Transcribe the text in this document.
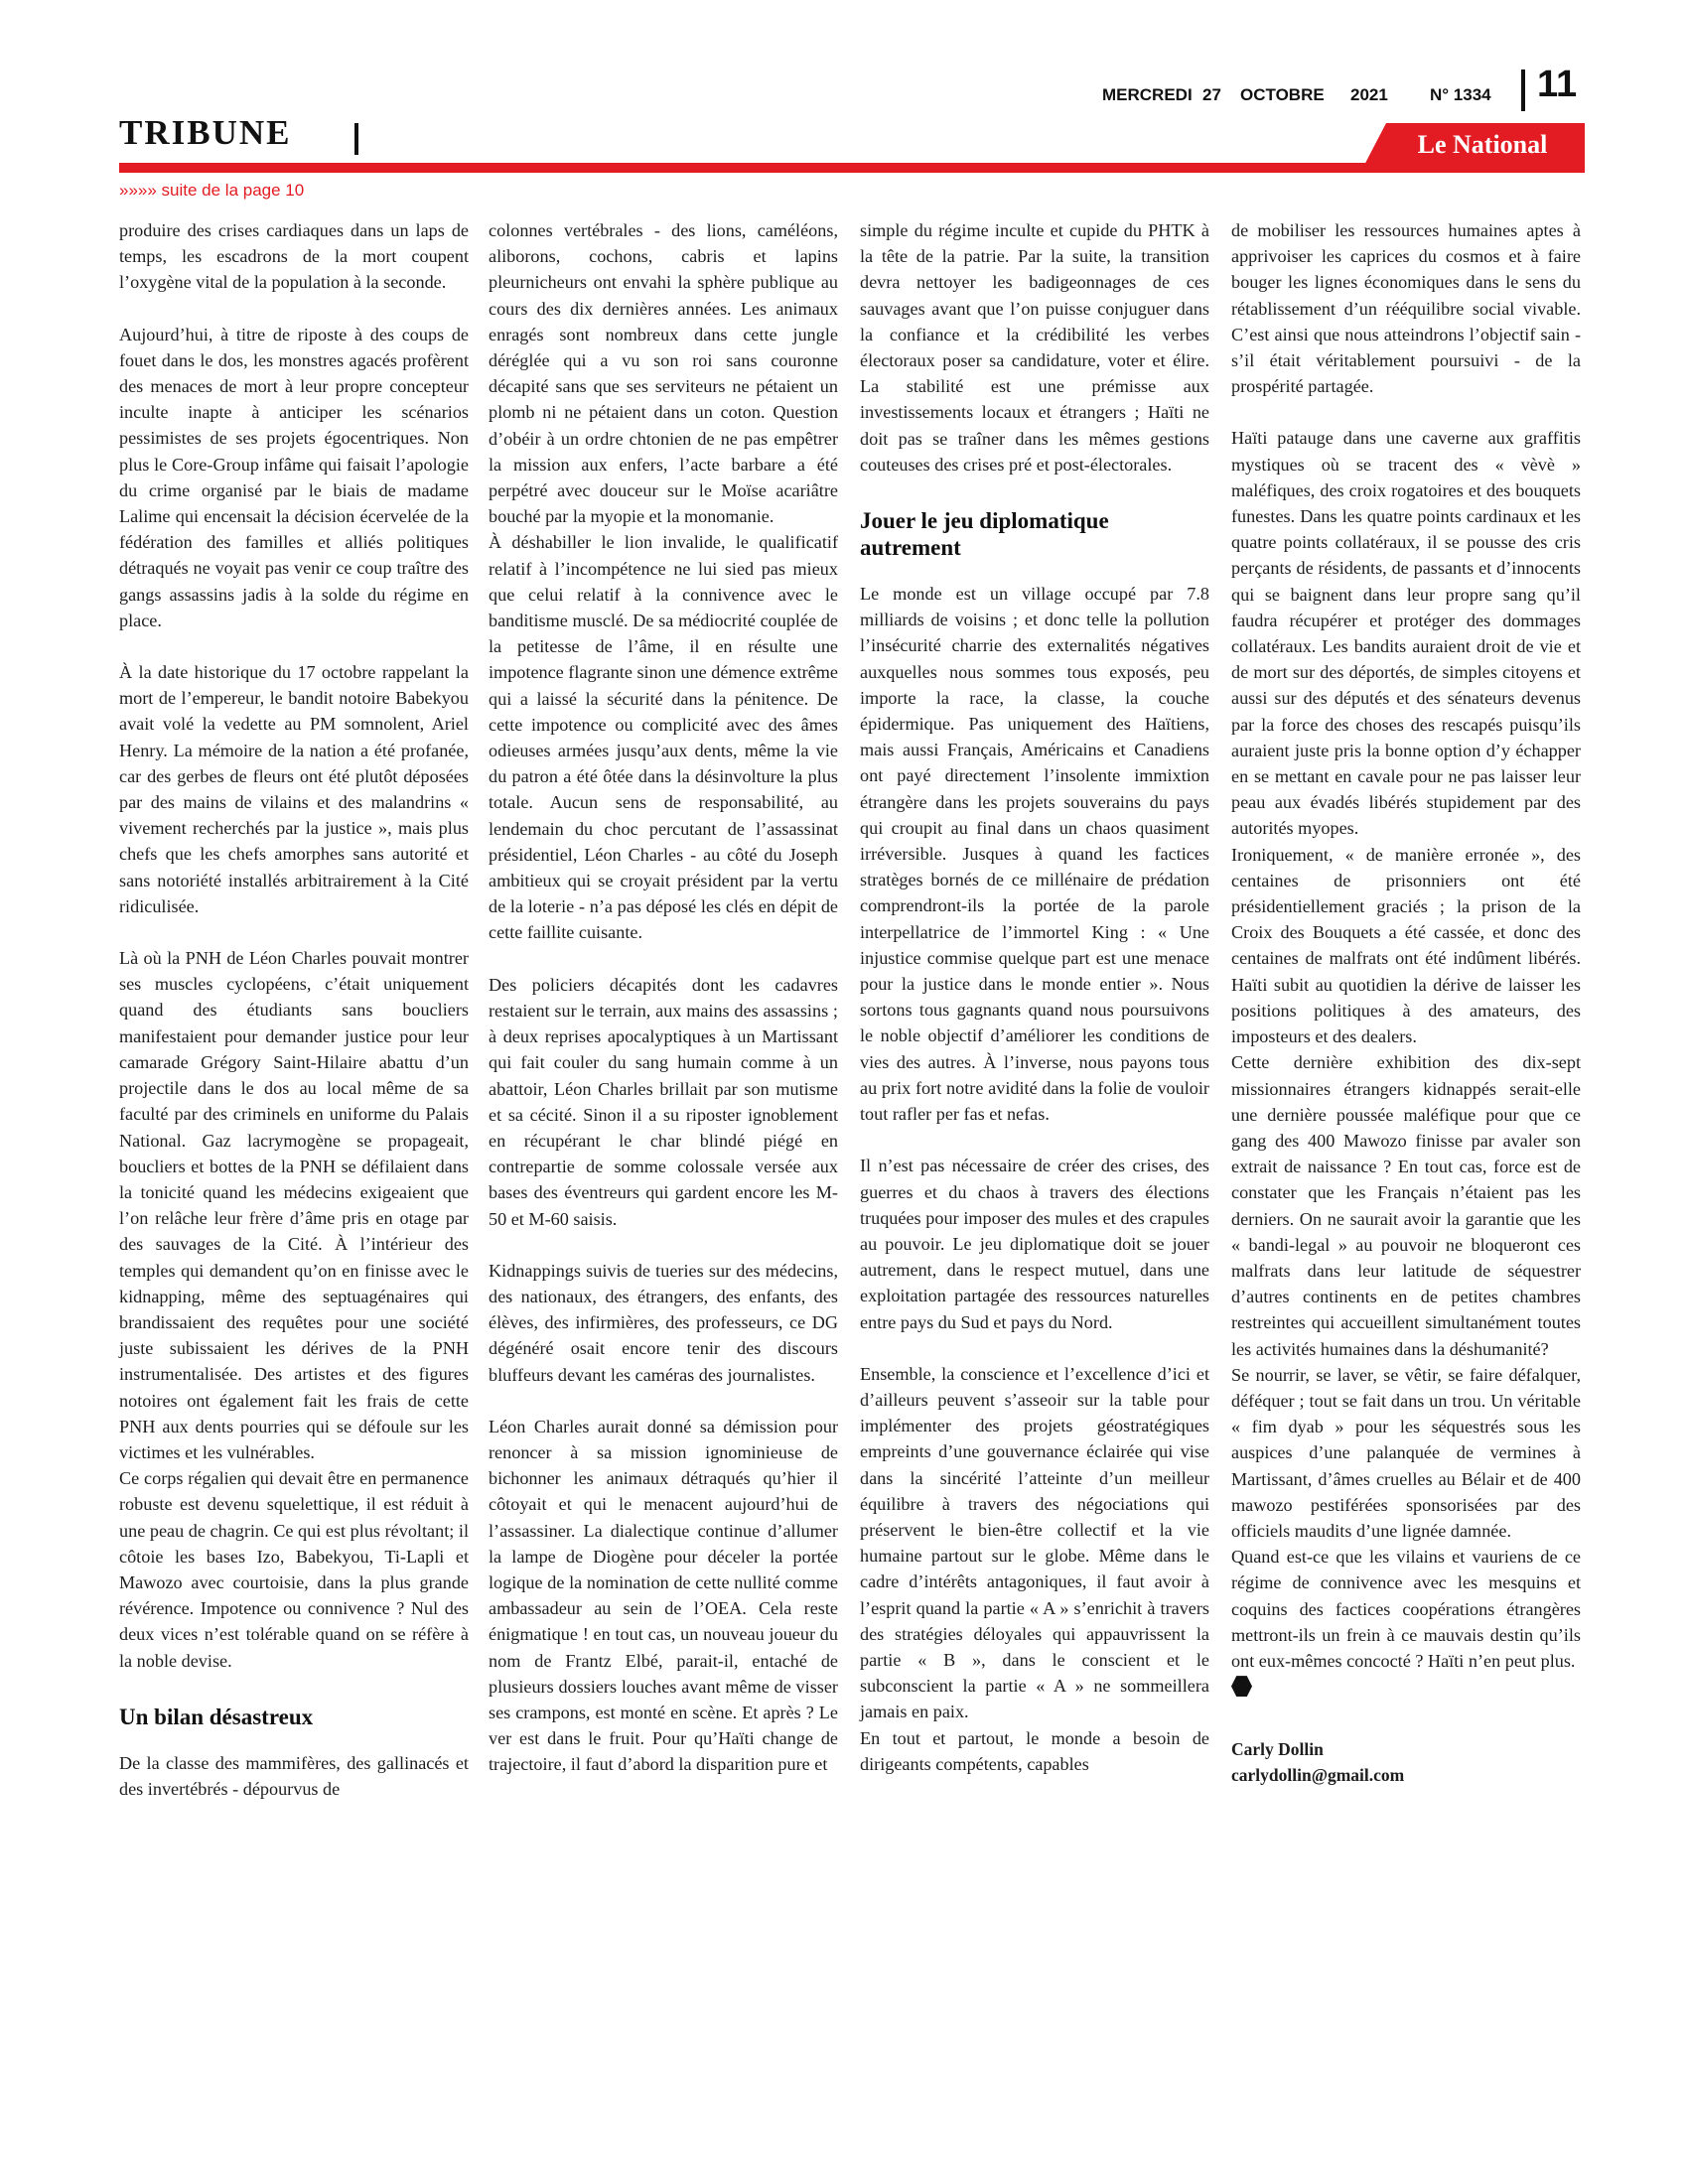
MERCREDI 27 OCTOBRE 2021 N° 1334 11
TRIBUNE	Le National
»»»» suite de la page 10

produire des crises cardiaques dans un laps de temps, les escadrons de la mort coupent l’oxygène vital de la population à la seconde.

Aujourd’hui, à titre de riposte à des coups de fouet dans le dos, les monstres agacés profèrent des menaces de mort à leur propre concepteur inculte inapte à anticiper les scénarios pessimistes de ses projets égocentriques. Non plus le Core-Group infâme qui faisait l’apologie du crime organisé par le biais de madame Lalime qui encensait la décision écervelée de la fédération des familles et alliés politiques détraqués ne voyait pas venir ce coup traître des gangs assassins jadis à la solde du régime en place.

À la date historique du 17 octobre rappelant la mort de l’empereur, le bandit notoire Babekyou avait volé la vedette au PM somnolent, Ariel Henry. La mémoire de la nation a été profanée, car des gerbes de fleurs ont été plutôt déposées par des mains de vilains et des malandrins « vivement recherchés par la justice », mais plus chefs que les chefs amorphes sans autorité et sans notoriété installés arbitrairement à la Cité ridiculisée.

Là où la PNH de Léon Charles pouvait montrer ses muscles cyclopéens, c’était uniquement quand des étudiants sans boucliers manifestaient pour demander justice pour leur camarade Grégory Saint-Hilaire abattu d’un projectile dans le dos au local même de sa faculté par des criminels en uniforme du Palais National. Gaz lacrymogène se propageait, boucliers et bottes de la PNH se défilaient dans la tonicité quand les médecins exigeaient que l’on relâche leur frère d’âme pris en otage par des sauvages de la Cité. À l’intérieur des temples qui demandent qu’on en finisse avec le kidnapping, même des septuagénaires qui brandissaient des requêtes pour une société juste subissaient les dérives de la PNH instrumentalisée. Des artistes et des figures notoires ont également fait les frais de cette PNH aux dents pourries qui se défoule sur les victimes et les vulnérables.

Ce corps régalien qui devait être en permanence robuste est devenu squelettique, il est réduit à une peau de chagrin. Ce qui est plus révoltant; il côtoie les bases Izo, Babekyou, Ti-Lapli et Mawozo avec courtoisie, dans la plus grande révérence. Impotence ou connivence ? Nul des deux vices n’est tolérable quand on se réfère à la noble devise.

Un bilan désastreux

De la classe des mammifères, des gallinacés et des invertébrés - dépourvus de

colonnes vertébrales - des lions, caméléons, aliborons, cochons, cabris et lapins pleurnicheurs ont envahi la sphère publique au cours des dix dernières années. Les animaux enragés sont nombreux dans cette jungle déréglée qui a vu son roi sans couronne décapité sans que ses serviteurs ne pétaient un plomb ni ne pétaient dans un coton. Question d’obéir à un ordre chtonien de ne pas empêtrer la mission aux enfers, l’acte barbare a été perpétré avec douceur sur le Moïse acariâtre bouché par la myopie et la monomanie.

À déshabiller le lion invalide, le qualificatif relatif à l’incompétence ne lui sied pas mieux que celui relatif à la connivence avec le banditisme musclé. De sa médiocrité couplée de la petitesse de l’âme, il en résulte une impotence flagrante sinon une démence extrême qui a laissé la sécurité dans la pénitence. De cette impotence ou complicité avec des âmes odieuses armées jusqu’aux dents, même la vie du patron a été ôtée dans la désinvolture la plus totale. Aucun sens de responsabilité, au lendemain du choc percutant de l’assassinat présidentiel, Léon Charles - au côté du Joseph ambitieux qui se croyait président par la vertu de la loterie - n’a pas déposé les clés en dépit de cette faillite cuisante.

Des policiers décapités dont les cadavres restaient sur le terrain, aux mains des assassins ; à deux reprises apocalyptiques à un Martissant qui fait couler du sang humain comme à un abattoir, Léon Charles brillait par son mutisme et sa cécité. Sinon il a su riposter ignoblement en récupérant le char blindé piégé en contrepartie de somme colossale versée aux bases des éventreurs qui gardent encore les M-50 et M-60 saisis.

Kidnappings suivis de tueries sur des médecins, des nationaux, des étrangers, des enfants, des élèves, des infirmières, des professeurs, ce DG dégénéré osait encore tenir des discours bluffeurs devant les caméras des journalistes.

Léon Charles aurait donné sa démission pour renoncer à sa mission ignominieuse de bichonner les animaux détraqués qu’hier il côtoyait et qui le menacent aujourd’hui de l’assassiner. La dialectique continue d’allumer la lampe de Diogène pour déceler la portée logique de la nomination de cette nullité comme ambassadeur au sein de l’OEA. Cela reste énigmatique ! en tout cas, un nouveau joueur du nom de Frantz Elbé, parait-il, entaché de plusieurs dossiers louches avant même de visser ses crampons, est monté en scène. Et après ? Le ver est dans le fruit. Pour qu’Haïti change de trajectoire, il faut d’abord la disparition pure et

simple du régime inculte et cupide du PHTK à la tête de la patrie. Par la suite, la transition devra nettoyer les badigeonnages de ces sauvages avant que l’on puisse conjuguer dans la confiance et la crédibilité les verbes électoraux poser sa candidature, voter et élire. La stabilité est une prémisse aux investissements locaux et étrangers ; Haïti ne doit pas se traîner dans les mêmes gestions couteuses des crises pré et post-électorales.

Jouer le jeu diplomatique autrement

Le monde est un village occupé par 7.8 milliards de voisins ; et donc telle la pollution l’insécurité charrie des externalités négatives auxquelles nous sommes tous exposés, peu importe la race, la classe, la couche épidermique. Pas uniquement des Haïtiens, mais aussi Français, Américains et Canadiens ont payé directement l’insolente immixtion étrangère dans les projets souverains du pays qui croupit au final dans un chaos quasiment irréversible. Jusques à quand les factices stratèges bornés de ce millénaire de prédation comprendront-ils la portée de la parole interpellatrice de l’immortel King : « Une injustice commise quelque part est une menace pour la justice dans le monde entier ». Nous sortons tous gagnants quand nous poursuivons le noble objectif d’améliorer les conditions de vies des autres. À l’inverse, nous payons tous au prix fort notre avidité dans la folie de vouloir tout rafler per fas et nefas.

Il n’est pas nécessaire de créer des crises, des guerres et du chaos à travers des élections truquées pour imposer des mules et des crapules au pouvoir. Le jeu diplomatique doit se jouer autrement, dans le respect mutuel, dans une exploitation partagée des ressources naturelles entre pays du Sud et pays du Nord.

Ensemble, la conscience et l’excellence d’ici et d’ailleurs peuvent s’asseoir sur la table pour implémenter des projets géostratégiques empreints d’une gouvernance éclairée qui vise dans la sincérité l’atteinte d’un meilleur équilibre à travers des négociations qui préservent le bien-être collectif et la vie humaine partout sur le globe. Même dans le cadre d’intérêts antagoniques, il faut avoir à l’esprit quand la partie « A » s’enrichit à travers des stratégies déloyales qui appauvrissent la partie « B », dans le conscient et le subconscient la partie « A » ne sommeillera jamais en paix.

En tout et partout, le monde a besoin de dirigeants compétents, capables

de mobiliser les ressources humaines aptes à apprivoiser les caprices du cosmos et à faire bouger les lignes économiques dans le sens du rétablissement d’un rééquilibre social vivable. C’est ainsi que nous atteindrons l’objectif sain - s’il était véritablement poursuivi - de la prospérité partagée.

Haïti patauge dans une caverne aux graffitis mystiques où se tracent des « vèvè » maléfiques, des croix rogatoires et des bouquets funestes. Dans les quatre points cardinaux et les quatre points collatéraux, il se pousse des cris perçants de résidents, de passants et d’innocents qui se baignent dans leur propre sang qu’il faudra récupérer et protéger des dommages collatéraux. Les bandits auraient droit de vie et de mort sur des déportés, de simples citoyens et aussi sur des députés et des sénateurs devenus par la force des choses des rescapés puisqu’ils auraient juste pris la bonne option d’y échapper en se mettant en cavale pour ne pas laisser leur peau aux évadés libérés stupidement par des autorités myopes.

Ironiquement, « de manière erronée », des centaines de prisonniers ont été présidentiellement graciés ; la prison de la Croix des Bouquets a été cassée, et donc des centaines de malfrats ont été indûment libérés. Haïti subit au quotidien la dérive de laisser les positions politiques à des amateurs, des imposteurs et des dealers.

Cette dernière exhibition des dix-sept missionnaires étrangers kidnappés serait-elle une dernière poussée maléfique pour que ce gang des 400 Mawozo finisse par avaler son extrait de naissance ? En tout cas, force est de constater que les Français n’étaient pas les derniers. On ne saurait avoir la garantie que les « bandi-legal » au pouvoir ne bloqueront ces malfrats dans leur latitude de séquestrer d’autres continents en de petites chambres restreintes qui accueillent simultanément toutes les activités humaines dans la déshumanité?

Se nourrir, se laver, se vêtir, se faire défalquer, déféquer ; tout se fait dans un trou. Un véritable « fim dyab » pour les séquestrés sous les auspices d’une palanquée de vermines à Martissant, d’âmes cruelles au Bélair et de 400 mawozo pestiférées sponsorisées par des officiels maudits d’une lignée damnée.

Quand est-ce que les vilains et vauriens de ce régime de connivence avec les mesquins et coquins des factices coopérations étrangères mettront-ils un frein à ce mauvais destin qu’ils ont eux-mêmes concocté ? Haïti n’en peut plus.

Carly Dollin
carlydollin@gmail.com
